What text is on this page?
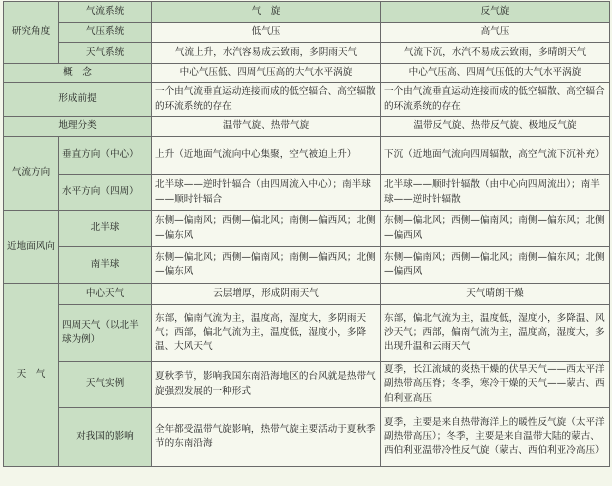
研究角度	气流系统	气　旋	反气旋
	气压系统	低气压	高气压
	天气系统	气流上升，水汽容易成云致雨，多阴雨天气	气流下沉，水汽不易成云致雨，多晴朗天气
概　念		中心气压低、四周气压高的大气水平涡旋	中心气压高、四周气压低的大气水平涡旋
形成前提		一个由气流垂直运动连接而成的低空辐合、高空辐散的环流系统的存在	一个由气流垂直运动连接而成的低空辐散、高空辐合的环流系统的存在
地理分类		温带气旋、热带气旋	温带反气旋、热带反气旋、极地反气旋
气流方向	垂直方向（中心）	上升（近地面气流向中心集聚，空气被迫上升）	下沉（近地面气流向四周辐散，高空气流下沉补充）
	水平方向（四周）	北半球——逆时针辐合（由四周流入中心）；南半球——顺时针辐合	北半球——顺时针辐散（由中心向四周流出）；南半球——逆时针辐散
近地面风向	北半球	东侧—偏南风；西侧—偏北风；南侧—偏西风；北侧—偏东风	东侧—偏北风；西侧—偏南风；南侧—偏东风；北侧—偏西风
	南半球	东侧—偏北风；西侧—偏南风；南侧—偏西风；北侧—偏东风	东侧—偏南风；西侧—偏北风；南侧—偏东风；北侧—偏西风
天　气	中心天气	云层增厚，形成阴雨天气	天气晴朗干燥
	四周天气（以北半球为例）	东部，偏南气流为主，温度高，湿度大，多阴雨天气；西部，偏北气流为主，温度低，湿度小，多降温、大风天气	东部，偏北气流为主，温度低，湿度小，多降温、风沙天气；西部，偏南气流为主，温度高，湿度大，多出现升温和云雨天气
	天气实例	夏秋季节，影响我国东南沿海地区的台风就是热带气旋强烈发展的一种形式	夏季，长江流域的炎热干燥的伏旱天气——西太平洋副热带高压脊；冬季，寒冷干燥的天气——蒙古、西伯利亚高压
	对我国的影响	全年都受温带气旋影响，热带气旋主要活动于夏秋季节的东南沿海	夏季，主要是来自热带海洋上的暖性反气旋（太平洋副热带高压）；冬季，主要是来自温带大陆的蒙古、西伯利亚温带冷性反气旋（蒙古、西伯利亚冷高压）
